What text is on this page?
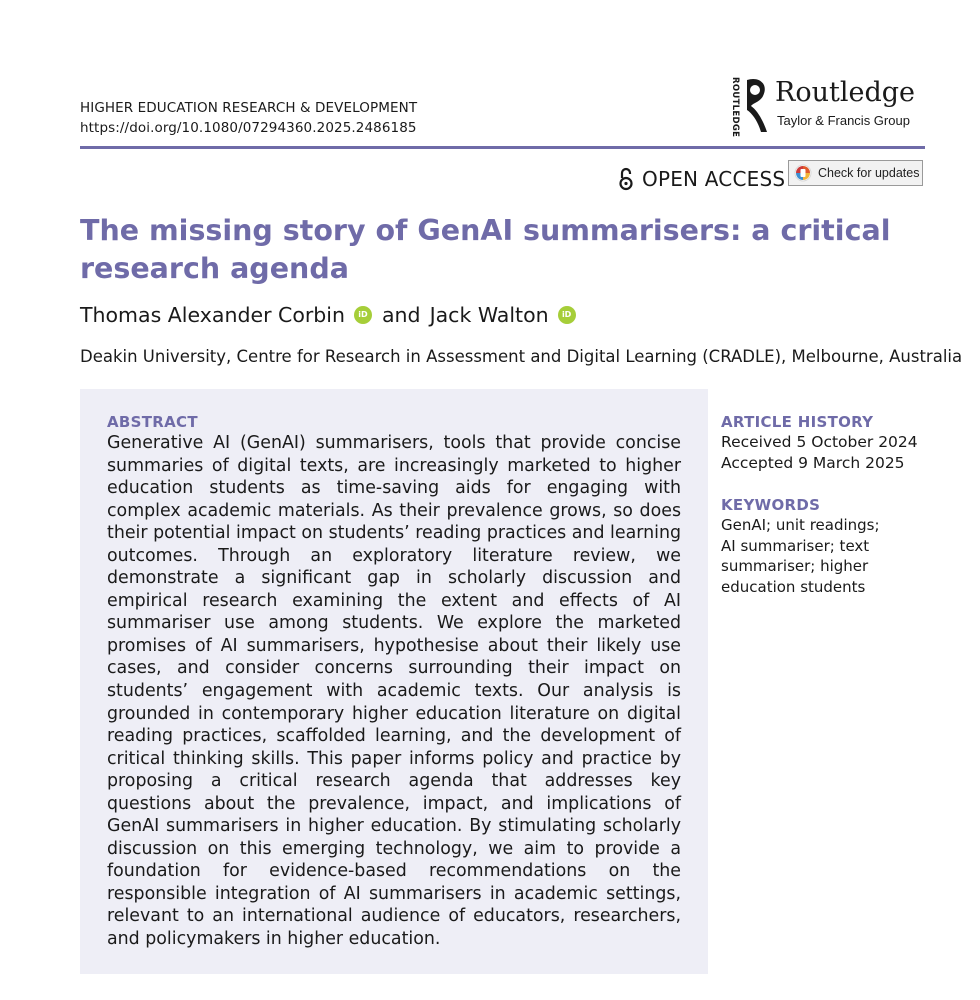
HIGHER EDUCATION RESEARCH & DEVELOPMENT
https://doi.org/10.1080/07294360.2025.2486185	ROUTLEDGE Routledge
Taylor & Francis Group
OPEN ACCESS	Check for updates
The missing story of GenAI summarisers: a critical research agenda
Thomas Alexander Corbin	iD and Jack Walton	iD
Deakin University, Centre for Research in Assessment and Digital Learning (CRADLE), Melbourne, Australia
ABSTRACT

Generative AI (GenAI) summarisers, tools that provide concise summaries of digital texts, are increasingly marketed to higher education students as time-saving aids for engaging with complex academic materials. As their prevalence grows, so does their potential impact on students’ reading practices and learning outcomes. Through an exploratory literature review, we demonstrate a significant gap in scholarly discussion and empirical research examining the extent and effects of AI summariser use among students. We explore the marketed promises of AI summarisers, hypothesise about their likely use cases, and consider concerns surrounding their impact on students’ engagement with academic texts. Our analysis is grounded in contemporary higher education literature on digital reading practices, scaffolded learning, and the development of critical thinking skills. This paper informs policy and practice by proposing a critical research agenda that addresses key questions about the prevalence, impact, and implications of GenAI summarisers in higher education. By stimulating scholarly discussion on this emerging technology, we aim to provide a foundation for evidence-based recommendations on the responsible integration of AI summarisers in academic settings, relevant to an international audience of educators, researchers, and policymakers in higher education.

ARTICLE HISTORY
Received 5 October 2024
Accepted 9 March 2025
KEYWORDS
GenAI; unit readings; AI summariser; text summariser; higher education students
